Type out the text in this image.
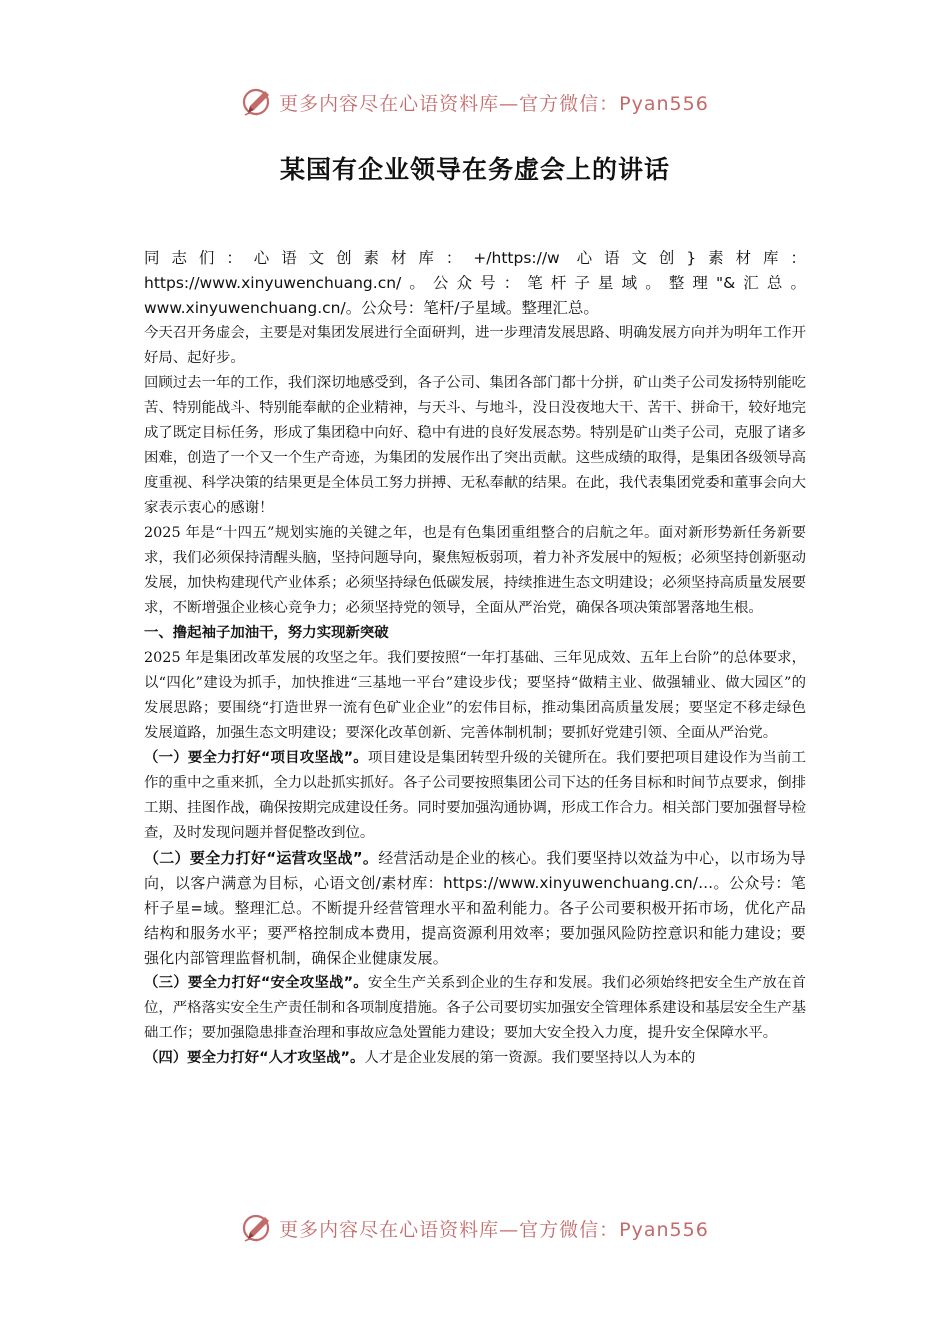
更多内容尽在心语资料库—官方微信：Pyan556
某国有企业领导在务虚会上的讲话

同志们：心语文创素材库：+/https://w 心语文创}素材库：https://www.xinyuwenchuang.cn/。公众号：笔杆子星域。整理"&汇总。www.xinyuwenchuang.cn/。公众号：笔杆/子星域。整理汇总。

今天召开务虚会，主要是对集团发展进行全面研判，进一步理清发展思路、明确发展方向并为明年工作开好局、起好步。

回顾过去一年的工作，我们深切地感受到，各子公司、集团各部门都十分拼，矿山类子公司发扬特别能吃苦、特别能战斗、特别能奉献的企业精神，与天斗、与地斗，没日没夜地大干、苦干、拼命干，较好地完成了既定目标任务，形成了集团稳中向好、稳中有进的良好发展态势。特别是矿山类子公司，克服了诸多困难，创造了一个又一个生产奇迹，为集团的发展作出了突出贡献。这些成绩的取得，是集团各级领导高度重视、科学决策的结果更是全体员工努力拼搏、无私奉献的结果。在此，我代表集团党委和董事会向大家表示衷心的感谢！

2025 年是“十四五”规划实施的关键之年，也是有色集团重组整合的启航之年。面对新形势新任务新要求，我们必须保持清醒头脑，坚持问题导向，聚焦短板弱项，着力补齐发展中的短板；必须坚持创新驱动发展，加快构建现代产业体系；必须坚持绿色低碳发展，持续推进生态文明建设；必须坚持高质量发展要求，不断增强企业核心竞争力；必须坚持党的领导，全面从严治党，确保各项决策部署落地生根。

一、撸起袖子加油干，努力实现新突破

2025 年是集团改革发展的攻坚之年。我们要按照“一年打基础、三年见成效、五年上台阶”的总体要求，以“四化”建设为抓手，加快推进“三基地一平台”建设步伐；要坚持“做精主业、做强辅业、做大园区”的发展思路；要围绕“打造世界一流有色矿业企业”的宏伟目标，推动集团高质量发展；要坚定不移走绿色发展道路，加强生态文明建设；要深化改革创新、完善体制机制；要抓好党建引领、全面从严治党。

（一）要全力打好“项目攻坚战”。项目建设是集团转型升级的关键所在。我们要把项目建设作为当前工作的重中之重来抓，全力以赴抓实抓好。各子公司要按照集团公司下达的任务目标和时间节点要求，倒排工期、挂图作战，确保按期完成建设任务。同时要加强沟通协调，形成工作合力。相关部门要加强督导检查，及时发现问题并督促整改到位。

（二）要全力打好“运营攻坚战”。经营活动是企业的核心。我们要坚持以效益为中心，以市场为导向，以客户满意为目标，心语文创/素材库：https://www.xinyuwenchuang.cn/…。公众号：笔杆子星=域。整理汇总。不断提升经营管理水平和盈利能力。各子公司要积极开拓市场，优化产品结构和服务水平；要严格控制成本费用，提高资源利用效率；要加强风险防控意识和能力建设；要强化内部管理监督机制，确保企业健康发展。

（三）要全力打好“安全攻坚战”。安全生产关系到企业的生存和发展。我们必须始终把安全生产放在首位，严格落实安全生产责任制和各项制度措施。各子公司要切实加强安全管理体系建设和基层安全生产基础工作；要加强隐患排查治理和事故应急处置能力建设；要加大安全投入力度，提升安全保障水平。

（四）要全力打好“人才攻坚战”。人才是企业发展的第一资源。我们要坚持以人为本的

更多内容尽在心语资料库—官方微信：Pyan556
